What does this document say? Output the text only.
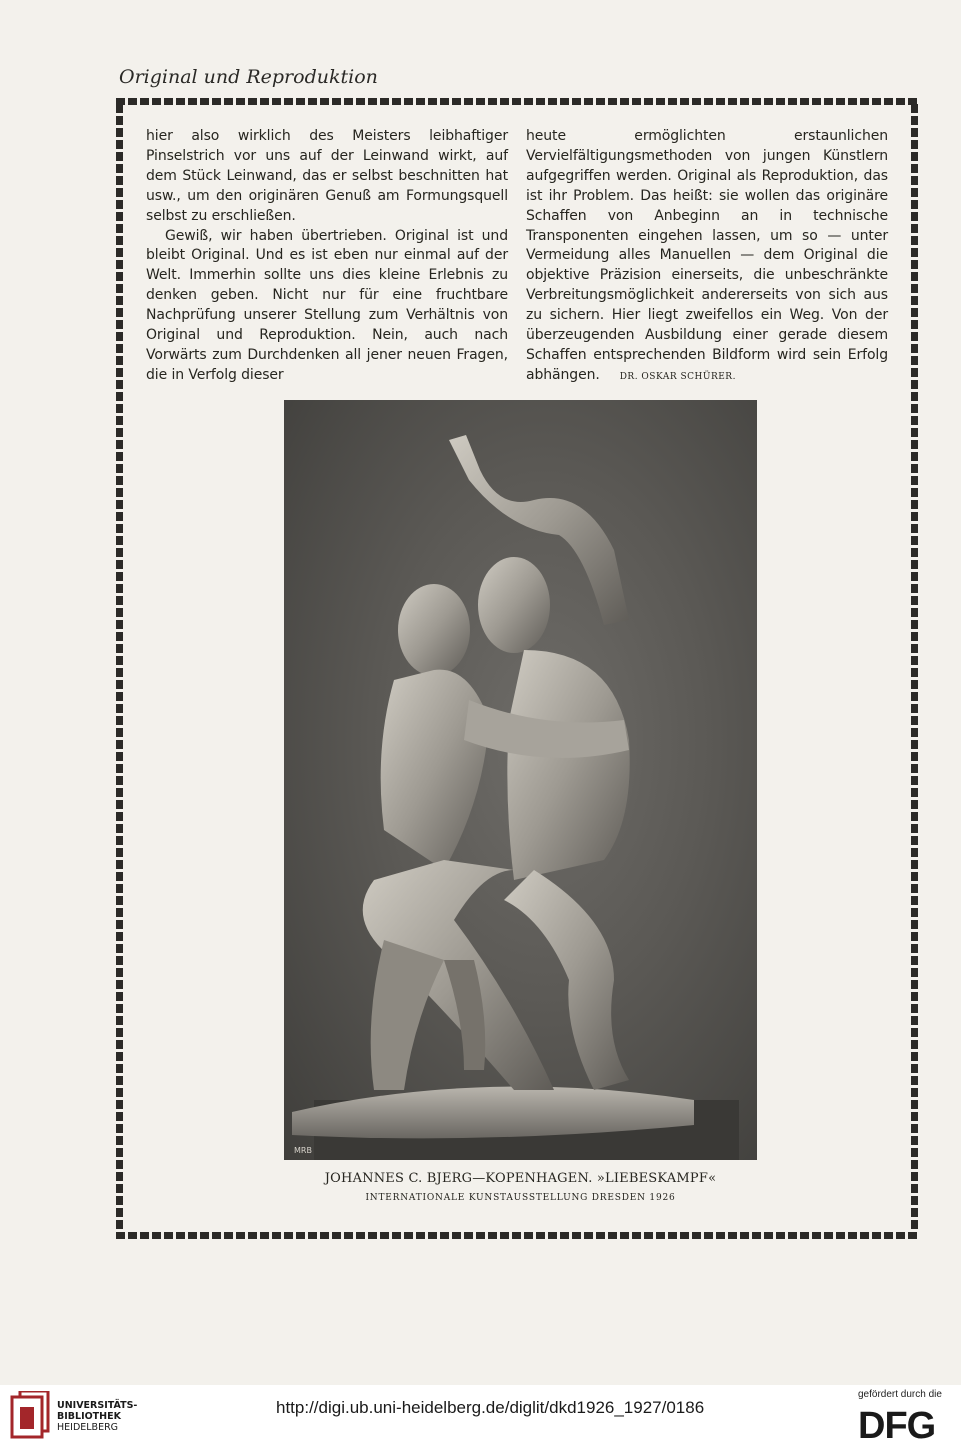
Original und Reproduktion

hier also wirklich des Meisters leibhaftiger Pinselstrich vor uns auf der Leinwand wirkt, auf dem Stück Leinwand, das er selbst beschnitten hat usw., um den originären Genuß am Formungsquell selbst zu erschließen.

Gewiß, wir haben übertrieben. Original ist und bleibt Original. Und es ist eben nur einmal auf der Welt. Immerhin sollte uns dies kleine Erlebnis zu denken geben. Nicht nur für eine fruchtbare Nachprüfung unserer Stellung zum Verhältnis von Original und Reproduktion. Nein, auch nach Vorwärts zum Durchdenken all jener neuen Fragen, die in Verfolg dieser

heute ermöglichten erstaunlichen Vervielfältigungsmethoden von jungen Künstlern aufgegriffen werden. Original als Reproduktion, das ist ihr Problem. Das heißt: sie wollen das originäre Schaffen von Anbeginn an in technische Transponenten eingehen lassen, um so — unter Vermeidung alles Manuellen — dem Original die objektive Präzision einerseits, die unbeschränkte Verbreitungsmöglichkeit andererseits von sich aus zu sichern. Hier liegt zweifellos ein Weg. Von der überzeugenden Ausbildung einer gerade diesem Schaffen entsprechenden Bildform wird sein Erfolg abhängen. DR. OSKAR SCHÜRER.

MRB
JOHANNES C. BJERG—KOPENHAGEN. »LIEBESKAMPF«
INTERNATIONALE KUNSTAUSSTELLUNG DRESDEN 1926
UNIVERSITÄTS-
BIBLIOTHEK
HEIDELBERG
http://digi.ub.uni-heidelberg.de/diglit/dkd1926_1927/0186
gefördert durch die
DFG
